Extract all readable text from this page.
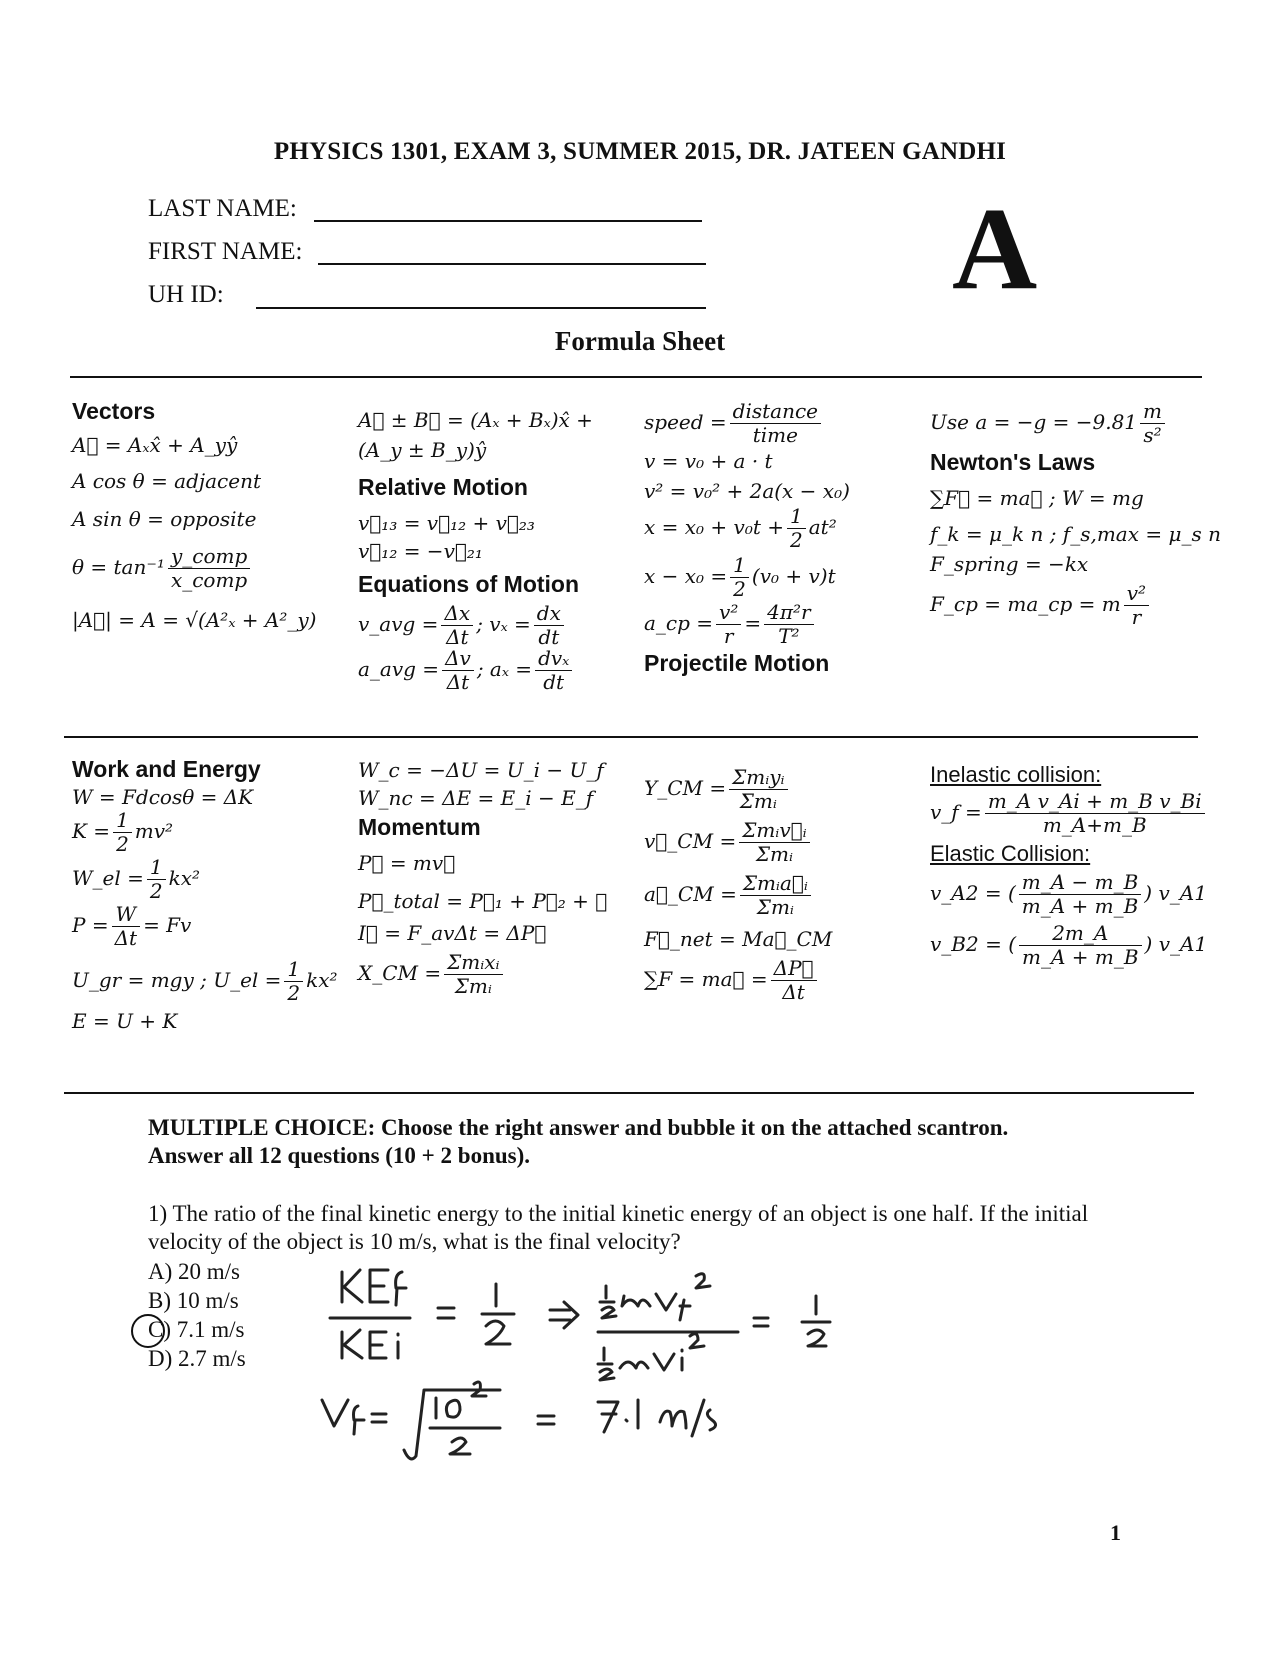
PHYSICS 1301, EXAM 3, SUMMER 2015, DR. JATEEN GANDHI
LAST NAME:
FIRST NAME:
UH ID:	A
Formula Sheet
Vectors
A⃗ = Aₓx̂ + A_yŷ
A cos θ = adjacent
A sin θ = opposite
$\theta = \tan^{-1} \frac{\text{y\_comp}}{\text{x\_comp}}$
|A⃗| = A = √(A²ₓ + A²_y)
A⃗ ± B⃗ = (Aₓ + Bₓ)x̂ +
(A_y ± B_y)ŷ
Relative Motion
v⃗₁₃ = v⃗₁₂ + v⃗₂₃
v⃗₁₂ = −v⃗₂₁
Equations of Motion
v_avg = $\frac{\Delta x}{\Delta t}$ ; $v_x = \frac{dx}{dt}$
a_avg = $\frac{\Delta v}{\Delta t}$ ; $a_x = \frac{\text{dvₓ}}{dt}$
speed = $\frac{\text{distance}}{\text{time}}$
v = v₀ + a · t
v² = v₀² + 2a(x − x₀)
$x = x_0 + v_0t + \frac{1}{2} at^2$
$x - x_0 = \frac{1}{2} (v_0 + v)t$
a_cp = $\frac{\text{v²}}{r} = \frac{\text{4π²r}}{\text{T²}}$
Projectile Motion
Use $a = -g = -9.81 \frac{m}{\text{s²}}$
Newton's Laws
∑F⃗ = ma⃗ ; W = mg
f_k = μ_k n ; f_s,max = μ_s n
F_spring = −kx
F_cp = ma_cp = m $\frac{\text{v²}}{r}$
Work and Energy
W = Fdcosθ = ΔK
$K = \frac{1}{2} mv^2$
W_el = $\frac{1}{2} kx^2$
$P = \frac{W}{\Delta t} = Fv$
U_gr = mgy ; U_el = $\frac{1}{2} kx^2$
E = U + K
W_c = −ΔU = U_i − U_f
W_nc = ΔE = E_i − E_f
Momentum
P⃗ = mv⃗
P⃗_total = P⃗₁ + P⃗₂ + ⋯
I⃗ = F_avΔt = ΔP⃗
X_CM = $\frac{\text{Σmᵢxᵢ}}{\text{Σmᵢ}}$
Y_CM = $\frac{\text{Σmᵢyᵢ}}{\text{Σmᵢ}}$
v⃗_CM = $\frac{\text{Σmᵢv⃗ᵢ}}{\text{Σmᵢ}}$
a⃗_CM = $\frac{\text{Σmᵢa⃗ᵢ}}{\text{Σmᵢ}}$
F⃗_net = Ma⃗_CM
∑F = ma⃗ = $\frac{\Delta P⃗}{\Delta t}$
Inelastic collision:
v_f = $\frac{\text{m\_A v\_Ai + m\_B v\_Bi}}{m\_A+m\_B}$
Elastic Collision:
v_A2 = ( $\frac{m\_A - m\_B}{m\_A + m\_B}$ ) v_A1
v_B2 = ( $\frac{2m\_A}{m\_A + m\_B}$ ) v_A1
MULTIPLE CHOICE: Choose the right answer and bubble it on the attached scantron.
Answer all 12 questions (10 + 2 bonus).
1) The ratio of the final kinetic energy to the initial kinetic energy of an object is one half. If the initial velocity of the object is 10 m/s, what is the final velocity?
A) 20 m/s
B) 10 m/s
C) 7.1 m/s
D) 2.7 m/s
1
